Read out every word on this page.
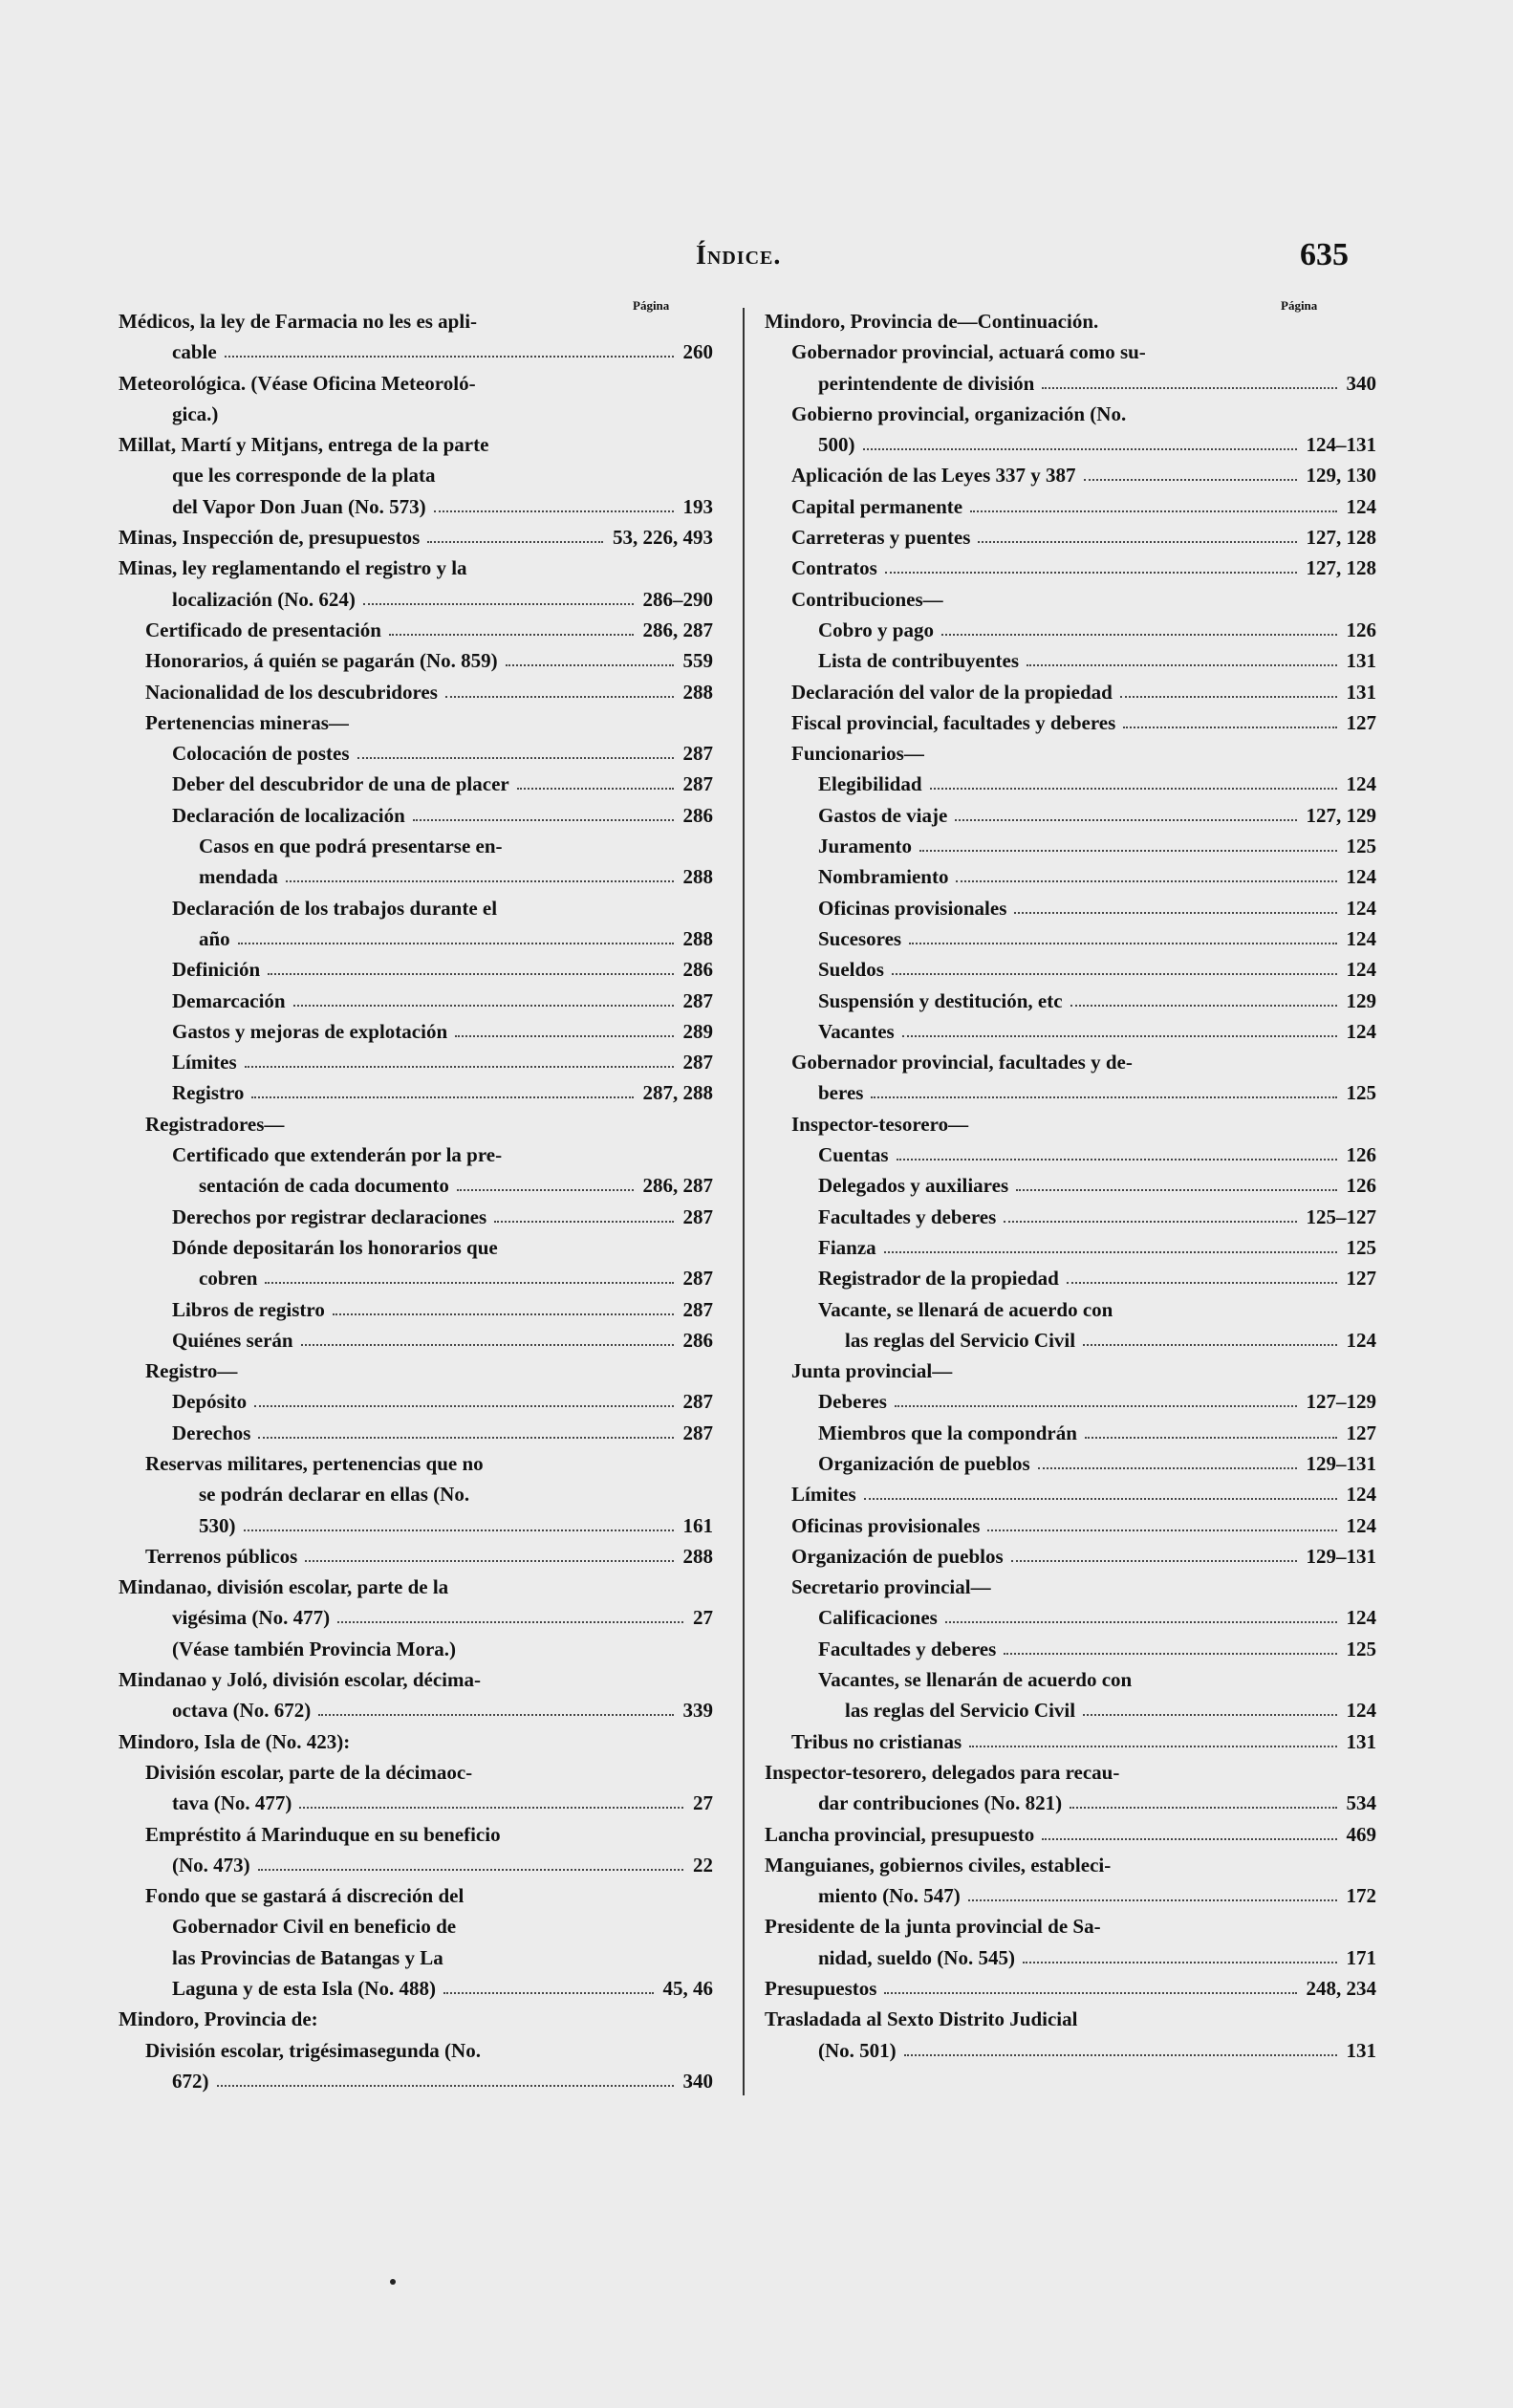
Índice.	635
Página	Página
Médicos, la ley de Farmacia no les es apli-
cable	260
Meteorológica. (Véase Oficina Meteoroló-
gica.)
Millat, Martí y Mitjans, entrega de la parte
que les corresponde de la plata
del Vapor Don Juan (No. 573)	193
Minas, Inspección de, presupuestos	53, 226, 493
Minas, ley reglamentando el registro y la
localización (No. 624)	286–290
Certificado de presentación	286, 287
Honorarios, á quién se pagarán (No. 859)	559
Nacionalidad de los descubridores	288
Pertenencias mineras—
Colocación de postes	287
Deber del descubridor de una de placer	287
Declaración de localización	286
Casos en que podrá presentarse en-
mendada	288
Declaración de los trabajos durante el
año	288
Definición	286
Demarcación	287
Gastos y mejoras de explotación	289
Límites	287
Registro	287, 288
Registradores—
Certificado que extenderán por la pre-
sentación de cada documento	286, 287
Derechos por registrar declaraciones	287
Dónde depositarán los honorarios que
cobren	287
Libros de registro	287
Quiénes serán	286
Registro—
Depósito	287
Derechos	287
Reservas militares, pertenencias que no
se podrán declarar en ellas (No.
530)	161
Terrenos públicos	288
Mindanao, división escolar, parte de la
vigésima (No. 477)	27
(Véase también Provincia Mora.)
Mindanao y Joló, división escolar, décima-
octava (No. 672)	339
Mindoro, Isla de (No. 423):
División escolar, parte de la décimaoc-
tava (No. 477)	27
Empréstito á Marinduque en su beneficio
(No. 473)	22
Fondo que se gastará á discreción del
Gobernador Civil en beneficio de
las Provincias de Batangas y La
Laguna y de esta Isla (No. 488)	45, 46
Mindoro, Provincia de:
División escolar, trigésimasegunda (No.
672)	340
Mindoro, Provincia de—Continuación.
Gobernador provincial, actuará como su-
perintendente de división	340
Gobierno provincial, organización (No.
500)	124–131
Aplicación de las Leyes 337 y 387	129, 130
Capital permanente	124
Carreteras y puentes	127, 128
Contratos	127, 128
Contribuciones—
Cobro y pago	126
Lista de contribuyentes	131
Declaración del valor de la propiedad	131
Fiscal provincial, facultades y deberes	127
Funcionarios—
Elegibilidad	124
Gastos de viaje	127, 129
Juramento	125
Nombramiento	124
Oficinas provisionales	124
Sucesores	124
Sueldos	124
Suspensión y destitución, etc	129
Vacantes	124
Gobernador provincial, facultades y de-
beres	125
Inspector-tesorero—
Cuentas	126
Delegados y auxiliares	126
Facultades y deberes	125–127
Fianza	125
Registrador de la propiedad	127
Vacante, se llenará de acuerdo con
las reglas del Servicio Civil	124
Junta provincial—
Deberes	127–129
Miembros que la compondrán	127
Organización de pueblos	129–131
Límites	124
Oficinas provisionales	124
Organización de pueblos	129–131
Secretario provincial—
Calificaciones	124
Facultades y deberes	125
Vacantes, se llenarán de acuerdo con
las reglas del Servicio Civil	124
Tribus no cristianas	131
Inspector-tesorero, delegados para recau-
dar contribuciones (No. 821)	534
Lancha provincial, presupuesto	469
Manguianes, gobiernos civiles, estableci-
miento (No. 547)	172
Presidente de la junta provincial de Sa-
nidad, sueldo (No. 545)	171
Presupuestos	248, 234
Trasladada al Sexto Distrito Judicial
(No. 501)	131
